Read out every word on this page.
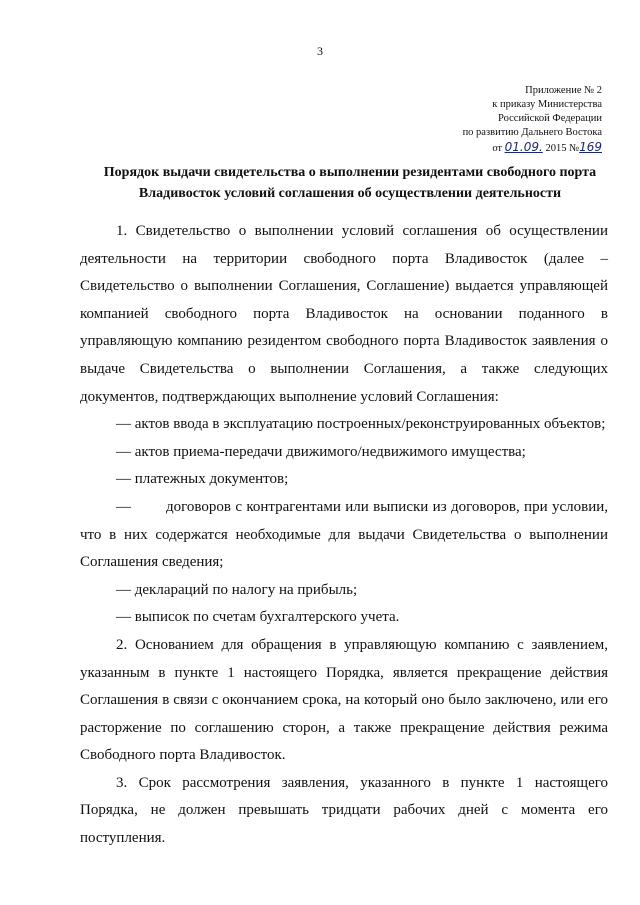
3
Приложение № 2
к приказу Министерства
Российской Федерации
по развитию Дальнего Востока
от 01.09. 2015 №169
Порядок выдачи свидетельства о выполнении резидентами свободного порта Владивосток условий соглашения об осуществлении деятельности

1. Свидетельство о выполнении условий соглашения об осуществлении деятельности на территории свободного порта Владивосток (далее – Свидетельство о выполнении Соглашения, Соглашение) выдается управляющей компанией свободного порта Владивосток на основании поданного в управляющую компанию резидентом свободного порта Владивосток заявления о выдаче Свидетельства о выполнении Соглашения, а также следующих документов, подтверждающих выполнение условий Соглашения:

— актов ввода в эксплуатацию построенных/реконструированных объектов;

— актов приема-передачи движимого/недвижимого имущества;

— платежных документов;

— договоров с контрагентами или выписки из договоров, при условии, что в них содержатся необходимые для выдачи Свидетельства о выполнении Соглашения сведения;

— деклараций по налогу на прибыль;

— выписок по счетам бухгалтерского учета.

2. Основанием для обращения в управляющую компанию с заявлением, указанным в пункте 1 настоящего Порядка, является прекращение действия Соглашения в связи с окончанием срока, на который оно было заключено, или его расторжение по соглашению сторон, а также прекращение действия режима Свободного порта Владивосток.

3. Срок рассмотрения заявления, указанного в пункте 1 настоящего Порядка, не должен превышать тридцати рабочих дней с момента его поступления.
